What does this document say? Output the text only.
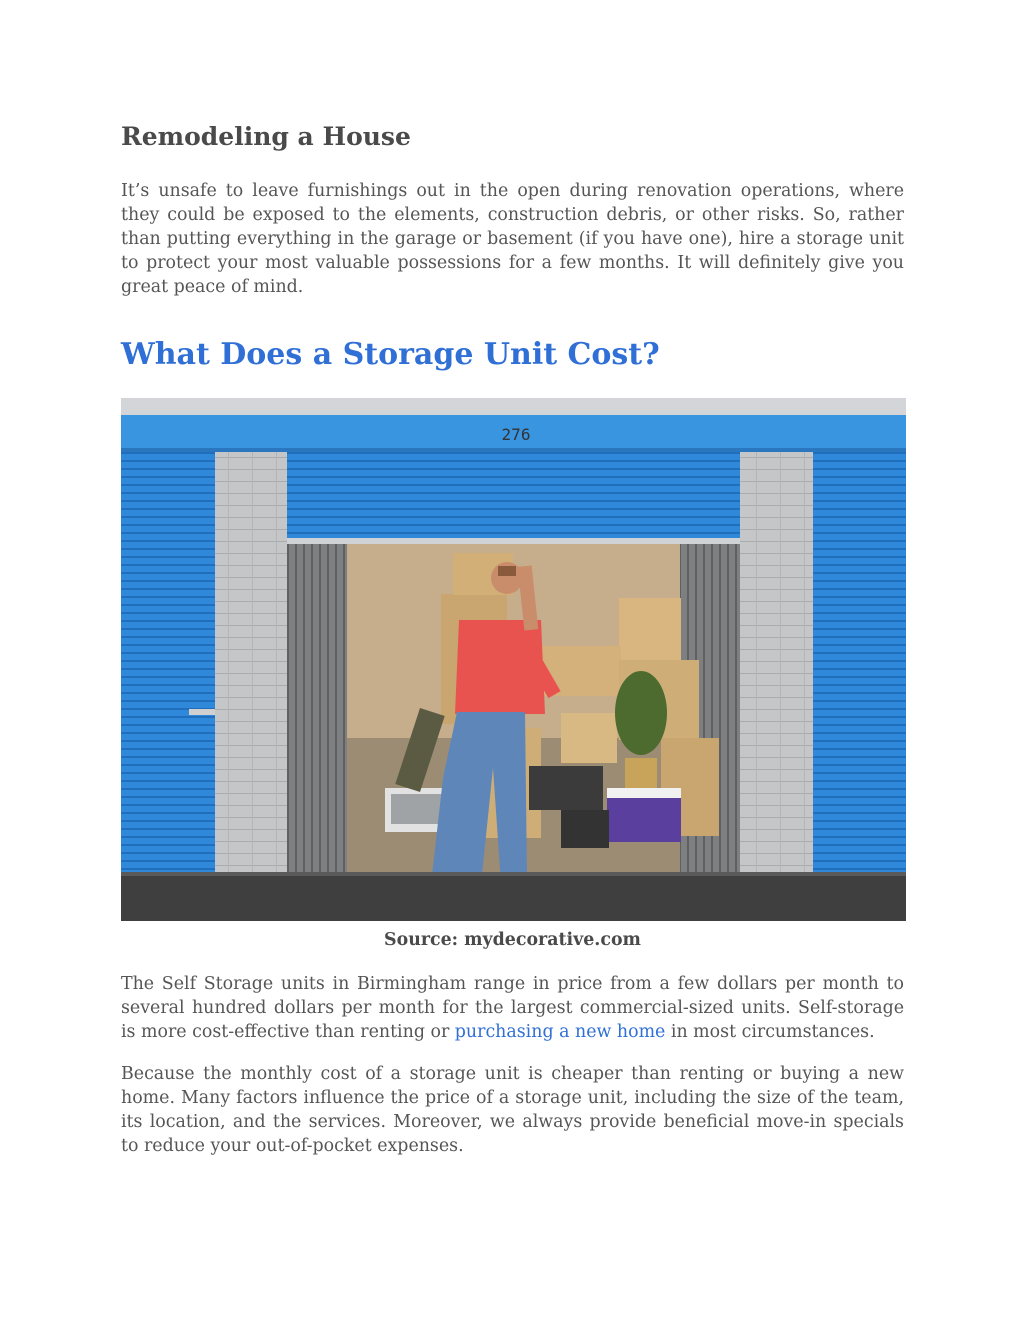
Remodeling a House

It’s unsafe to leave furnishings out in the open during renovation operations, where they could be exposed to the elements, construction debris, or other risks. So, rather than putting everything in the garage or basement (if you have one), hire a storage unit to protect your most valuable possessions for a few months. It will definitely give you great peace of mind.

What Does a Storage Unit Cost?
276
Source: mydecorative.com

The Self Storage units in Birmingham range in price from a few dollars per month to several hundred dollars per month for the largest commercial-sized units. Self-storage is more cost-effective than renting or purchasing a new home in most circumstances.

Because the monthly cost of a storage unit is cheaper than renting or buying a new home. Many factors influence the price of a storage unit, including the size of the team, its location, and the services. Moreover, we always provide beneficial move-in specials to reduce your out-of-pocket expenses.
